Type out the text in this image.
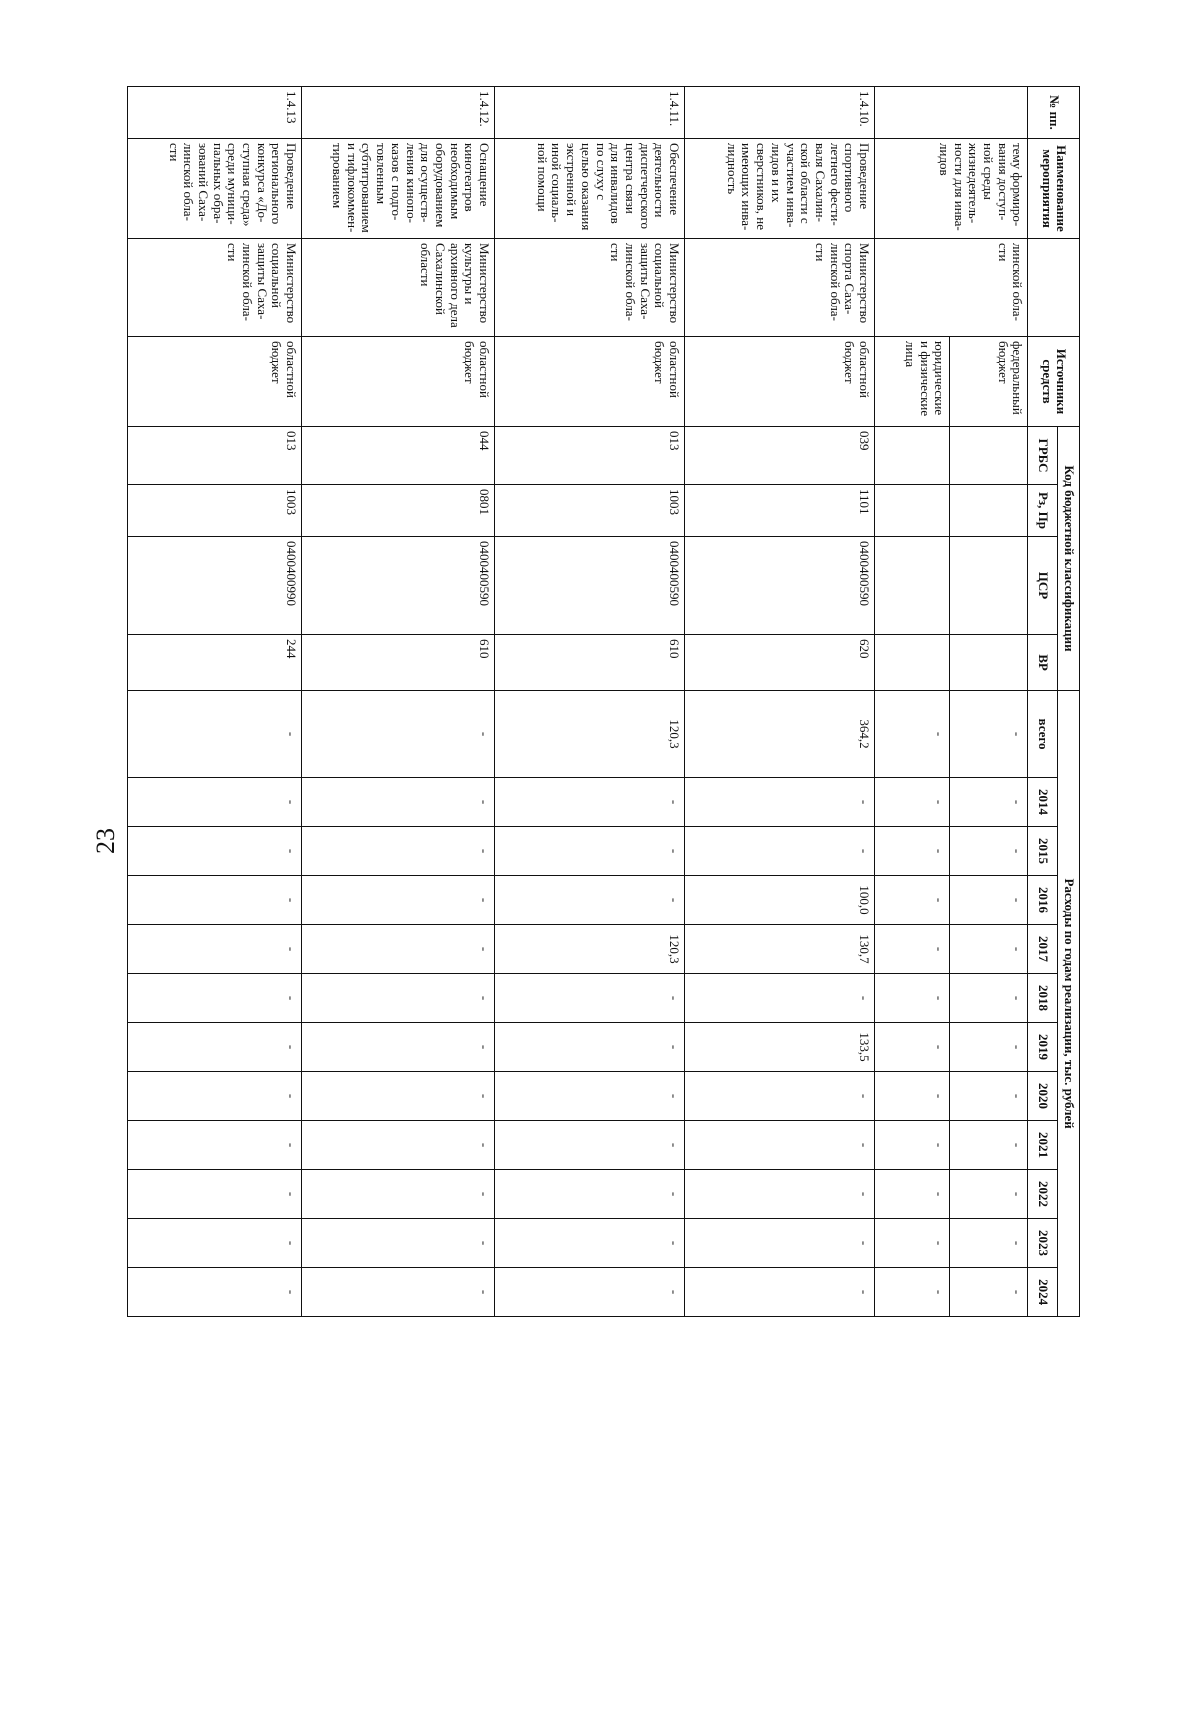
23
№ пп.	Наименование мероприятия		Источники средств	Код бюджетной классификации				Расходы по годам реализации, тыс. рублей											
				ГРБС	Рз, Пр	ЦСР	ВР	всего	2014	2015	2016	2017	2018	2019	2020	2021	2022	2023	2024
	тему формиро-вания доступ-ной среды жизнедеятель-ности для инва-лидов	линской обла-сти	федеральный бюджет					-	-	-	-	-	-	-	-	-	-	-	-
			юридические и физические лица					-	-	-	-	-	-	-	-	-	-	-	-
1.4.10.	Проведение спортивного летнего фести-валя Сахалин-ской области с участием инва-лидов и их сверстников, не имеющих инва-лидность	Министерство спорта Саха-линской обла-сти	областной бюджет	039	1101	0400400590	620	364,2	-	-	100,0	130,7	-	133,5	-	-	-	-	-
1.4.11.	Обеспечение деятельности диспетчерского центра связи для инвалидов по слуху с целью оказания экстренной и иной социаль-ной помощи	Министерство социальной защиты Саха-линской обла-сти	областной бюджет	013	1003	0400400590	610	120,3	-	-	-	120,3	-	-	-	-	-	-	-
1.4.12.	Оснащение кинотеатров необходимым оборудованием для осуществ-ления кинопо-казов с подго-товленным субтитрованием и тифлокоммен-тированием	Министерство культуры и архивного дела Сахалинской области	областной бюджет	044	0801	0400400590	610	-	-	-	-	-	-	-	-	-	-	-	-
1.4.13	Проведение регионального конкурса «До-ступная среда» среди муници-пальных обра-зований Саха-линской обла-сти	Министерство социальной защиты Саха-линской обла-сти	областной бюджет	013	1003	0400400990	244	-	-	-	-	-	-	-	-	-	-	-	-
